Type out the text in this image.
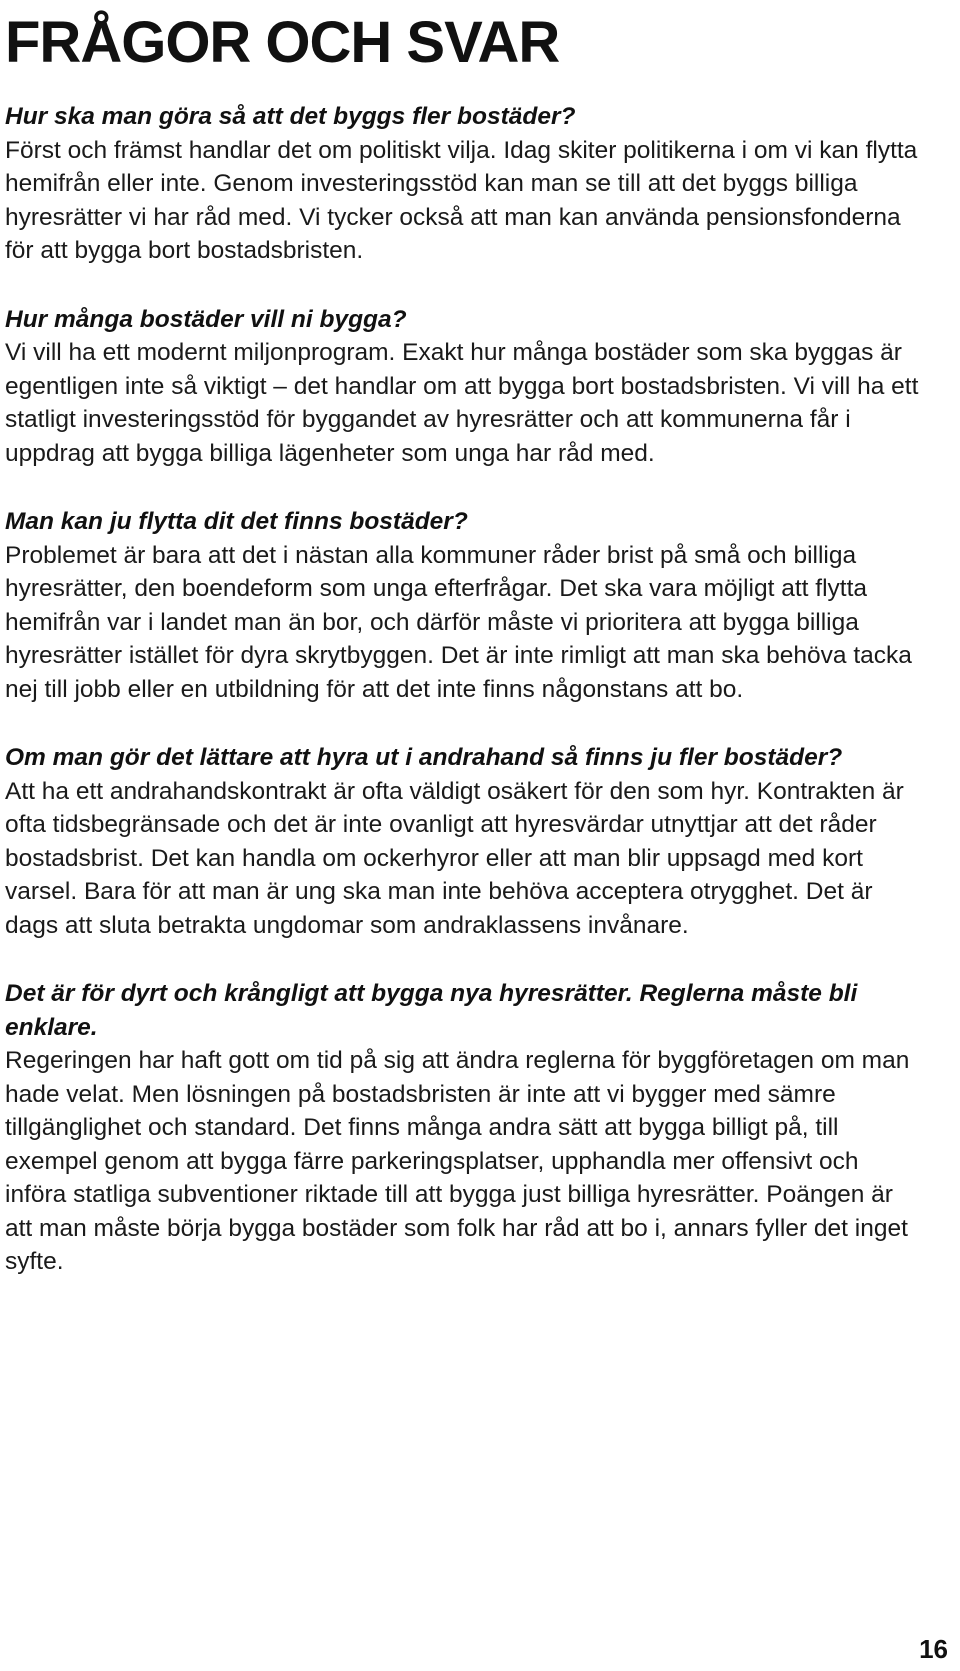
FRÅGOR OCH SVAR

Hur ska man göra så att det byggs fler bostäder?

Först och främst handlar det om politiskt vilja. Idag skiter politikerna i om vi kan flytta hemifrån eller inte. Genom investeringsstöd kan man se till att det byggs billiga hyresrätter vi har råd med. Vi tycker också att man kan använda pensionsfonderna för att bygga bort bostadsbristen.

Hur många bostäder vill ni bygga?

Vi vill ha ett modernt miljonprogram. Exakt hur många bostäder som ska byggas är egentligen inte så viktigt – det handlar om att bygga bort bostadsbristen. Vi vill ha ett statligt investeringsstöd för byggandet av hyresrätter och att kommunerna får i uppdrag att bygga billiga lägenheter som unga har råd med.

Man kan ju flytta dit det finns bostäder?

Problemet är bara att det i nästan alla kommuner råder brist på små och billiga hyresrätter, den boendeform som unga efterfrågar. Det ska vara möjligt att flytta hemifrån var i landet man än bor, och därför måste vi prioritera att bygga billiga hyresrätter istället för dyra skrytbyggen. Det är inte rimligt att man ska behöva tacka nej till jobb eller en utbildning för att det inte finns någonstans att bo.

Om man gör det lättare att hyra ut i andrahand så finns ju fler bostäder?

Att ha ett andrahandskontrakt är ofta väldigt osäkert för den som hyr. Kontrakten är ofta tidsbegränsade och det är inte ovanligt att hyresvärdar utnyttjar att det råder bostadsbrist. Det kan handla om ockerhyror eller att man blir uppsagd med kort varsel. Bara för att man är ung ska man inte behöva acceptera otrygghet. Det är dags att sluta betrakta ungdomar som andraklassens invånare.

Det är för dyrt och krångligt att bygga nya hyresrätter. Reglerna måste bli enklare.

Regeringen har haft gott om tid på sig att ändra reglerna för byggföretagen om man hade velat. Men lösningen på bostadsbristen är inte att vi bygger med sämre tillgänglighet och standard. Det finns många andra sätt att bygga billigt på, till exempel genom att bygga färre parkeringsplatser, upphandla mer offensivt och införa statliga subventioner riktade till att bygga just billiga hyresrätter. Poängen är att man måste börja bygga bostäder som folk har råd att bo i, annars fyller det inget syfte.

16
